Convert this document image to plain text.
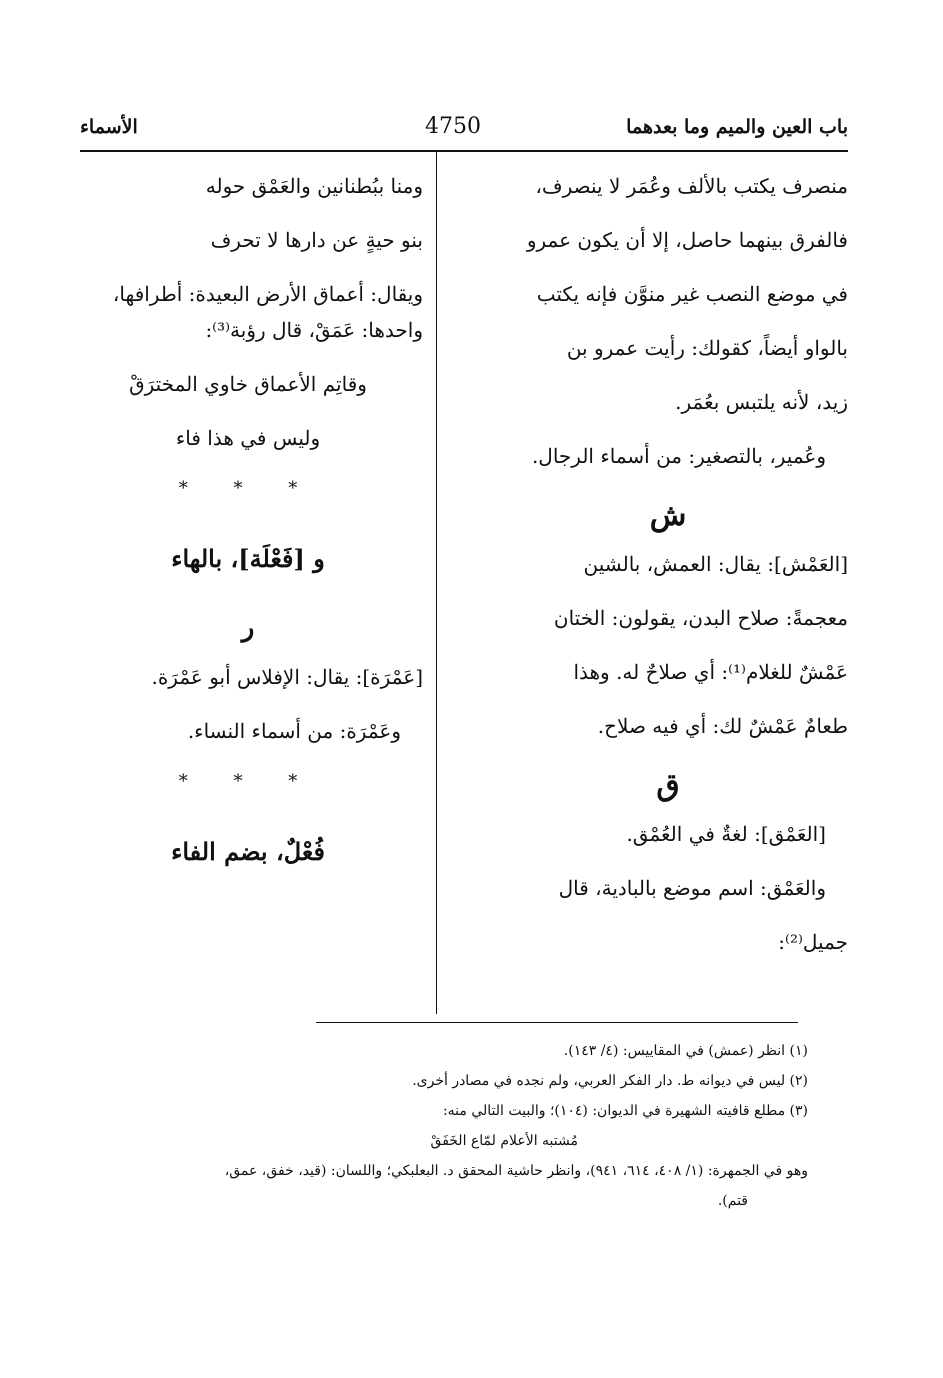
باب العين والميم وما بعدهما
4750
الأسماء
منصرف يكتب بالألف وعُمَر لا ينصرف،
فالفرق بينهما حاصل، إلا أن يكون عمرو
في موضع النصب غير منوَّن فإنه يكتب
بالواو أيضاً، كقولك: رأيت عمرو بن
زيد، لأنه يلتبس بعُمَر.
وعُمير، بالتصغير: من أسماء الرجال.
ش
[العَمْش]: يقال: العمش، بالشين
معجمةً: صلاح البدن، يقولون: الختان
عَمْشٌ للغلام⁽¹⁾: أي صلاحٌ له. وهذا
طعامٌ عَمْشٌ لك: أي فيه صلاح.
ق
[العَمْق]: لغةٌ في العُمْق.
والعَمْق: اسم موضع بالبادية، قال
جميل⁽²⁾:
ومنا ببُطنانين والعَمْق حوله
بنو حيةٍ عن دارها لا تحرف
ويقال: أعماق الأرض البعيدة: أطرافها،
واحدها: عَمَقْ، قال رؤبة⁽³⁾:
وقاتِم الأعماق خاوي المخترَقْ
وليس في هذا فاء
* * *
و [فَعْلَة]، بالهاء
ر
[عَمْرَة]: يقال: الإفلاس أبو عَمْرَة.
وعَمْرَة: من أسماء النساء.
* * *
فُعْلٌ، بضم الفاء
(١) انظر (عمش) في المقاييس: (٤/ ١٤٣).
(٢) ليس في ديوانه ط. دار الفكر العربي، ولم نجده في مصادر أخرى.
(٣) مطلع قافيته الشهيرة في الديوان: (١٠٤)؛ والبيت التالي منه:
مُشتبه الأعلام لمّاع الخَفَقْ
وهو في الجمهرة: (١/ ٤٠٨، ٦١٤، ٩٤١)، وانظر حاشية المحقق د. البعلبكي؛ واللسان: (قيد، خفق، عمق،
قتم).
